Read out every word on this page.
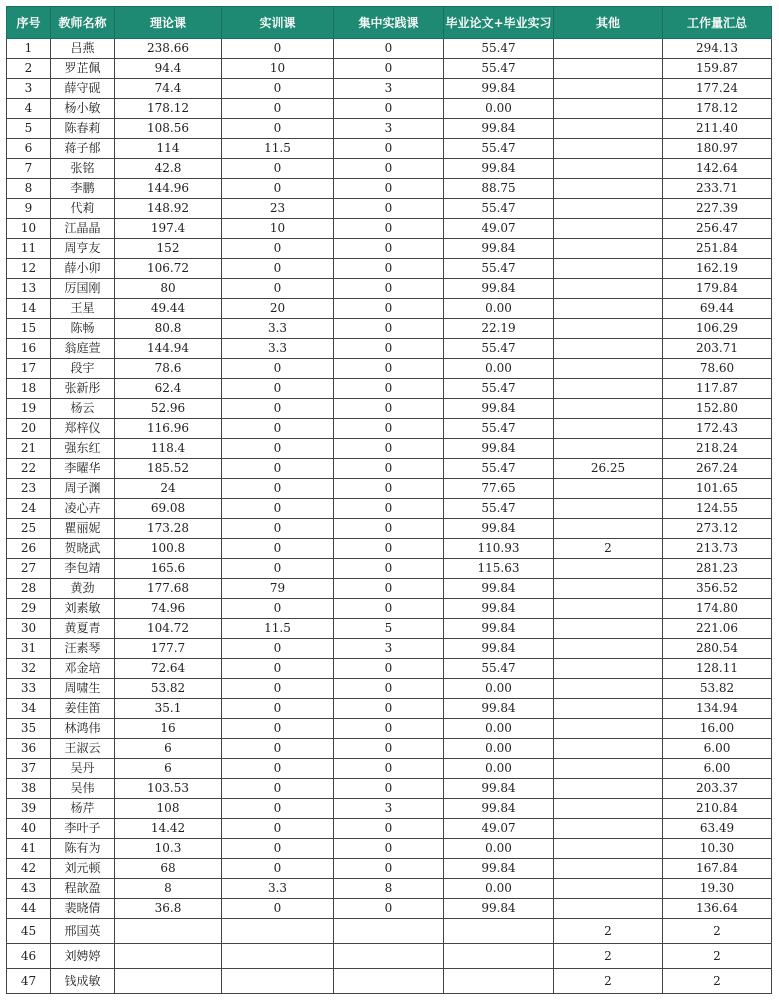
序号	教师名称	理论课	实训课	集中实践课	毕业论文+毕业实习	其他	工作量汇总
1	吕燕	238.66	0	0	55.47		294.13
2	罗芷佩	94.4	10	0	55.47		159.87
3	薛守砚	74.4	0	3	99.84		177.24
4	杨小敏	178.12	0	0	0.00		178.12
5	陈春莉	108.56	0	3	99.84		211.40
6	蒋子郁	114	11.5	0	55.47		180.97
7	张铭	42.8	0	0	99.84		142.64
8	李鹏	144.96	0	0	88.75		233.71
9	代莉	148.92	23	0	55.47		227.39
10	江晶晶	197.4	10	0	49.07		256.47
11	周亨友	152	0	0	99.84		251.84
12	薛小卯	106.72	0	0	55.47		162.19
13	厉国刚	80	0	0	99.84		179.84
14	王星	49.44	20	0	0.00		69.44
15	陈畅	80.8	3.3	0	22.19		106.29
16	翁庭萱	144.94	3.3	0	55.47		203.71
17	段宇	78.6	0	0	0.00		78.60
18	张新彤	62.4	0	0	55.47		117.87
19	杨云	52.96	0	0	99.84		152.80
20	郑梓仪	116.96	0	0	55.47		172.43
21	强东红	118.4	0	0	99.84		218.24
22	李曜华	185.52	0	0	55.47	26.25	267.24
23	周子渊	24	0	0	77.65		101.65
24	凌心卉	69.08	0	0	55.47		124.55
25	瞿丽妮	173.28	0	0	99.84		273.12
26	贺晓武	100.8	0	0	110.93	2	213.73
27	李包靖	165.6	0	0	115.63		281.23
28	黄劲	177.68	79	0	99.84		356.52
29	刘素敏	74.96	0	0	99.84		174.80
30	黄夏青	104.72	11.5	5	99.84		221.06
31	汪素琴	177.7	0	3	99.84		280.54
32	邓金培	72.64	0	0	55.47		128.11
33	周啸生	53.82	0	0	0.00		53.82
34	姜佳笛	35.1	0	0	99.84		134.94
35	林鸿伟	16	0	0	0.00		16.00
36	王淑云	6	0	0	0.00		6.00
37	吴丹	6	0	0	0.00		6.00
38	吴伟	103.53	0	0	99.84		203.37
39	杨芹	108	0	3	99.84		210.84
40	李叶子	14.42	0	0	49.07		63.49
41	陈有为	10.3	0	0	0.00		10.30
42	刘元顿	68	0	0	99.84		167.84
43	程歆盈	8	3.3	8	0.00		19.30
44	裴晓倩	36.8	0	0	99.84		136.64
45	邢国英					2	2
46	刘娉婷					2	2
47	钱成敏					2	2
